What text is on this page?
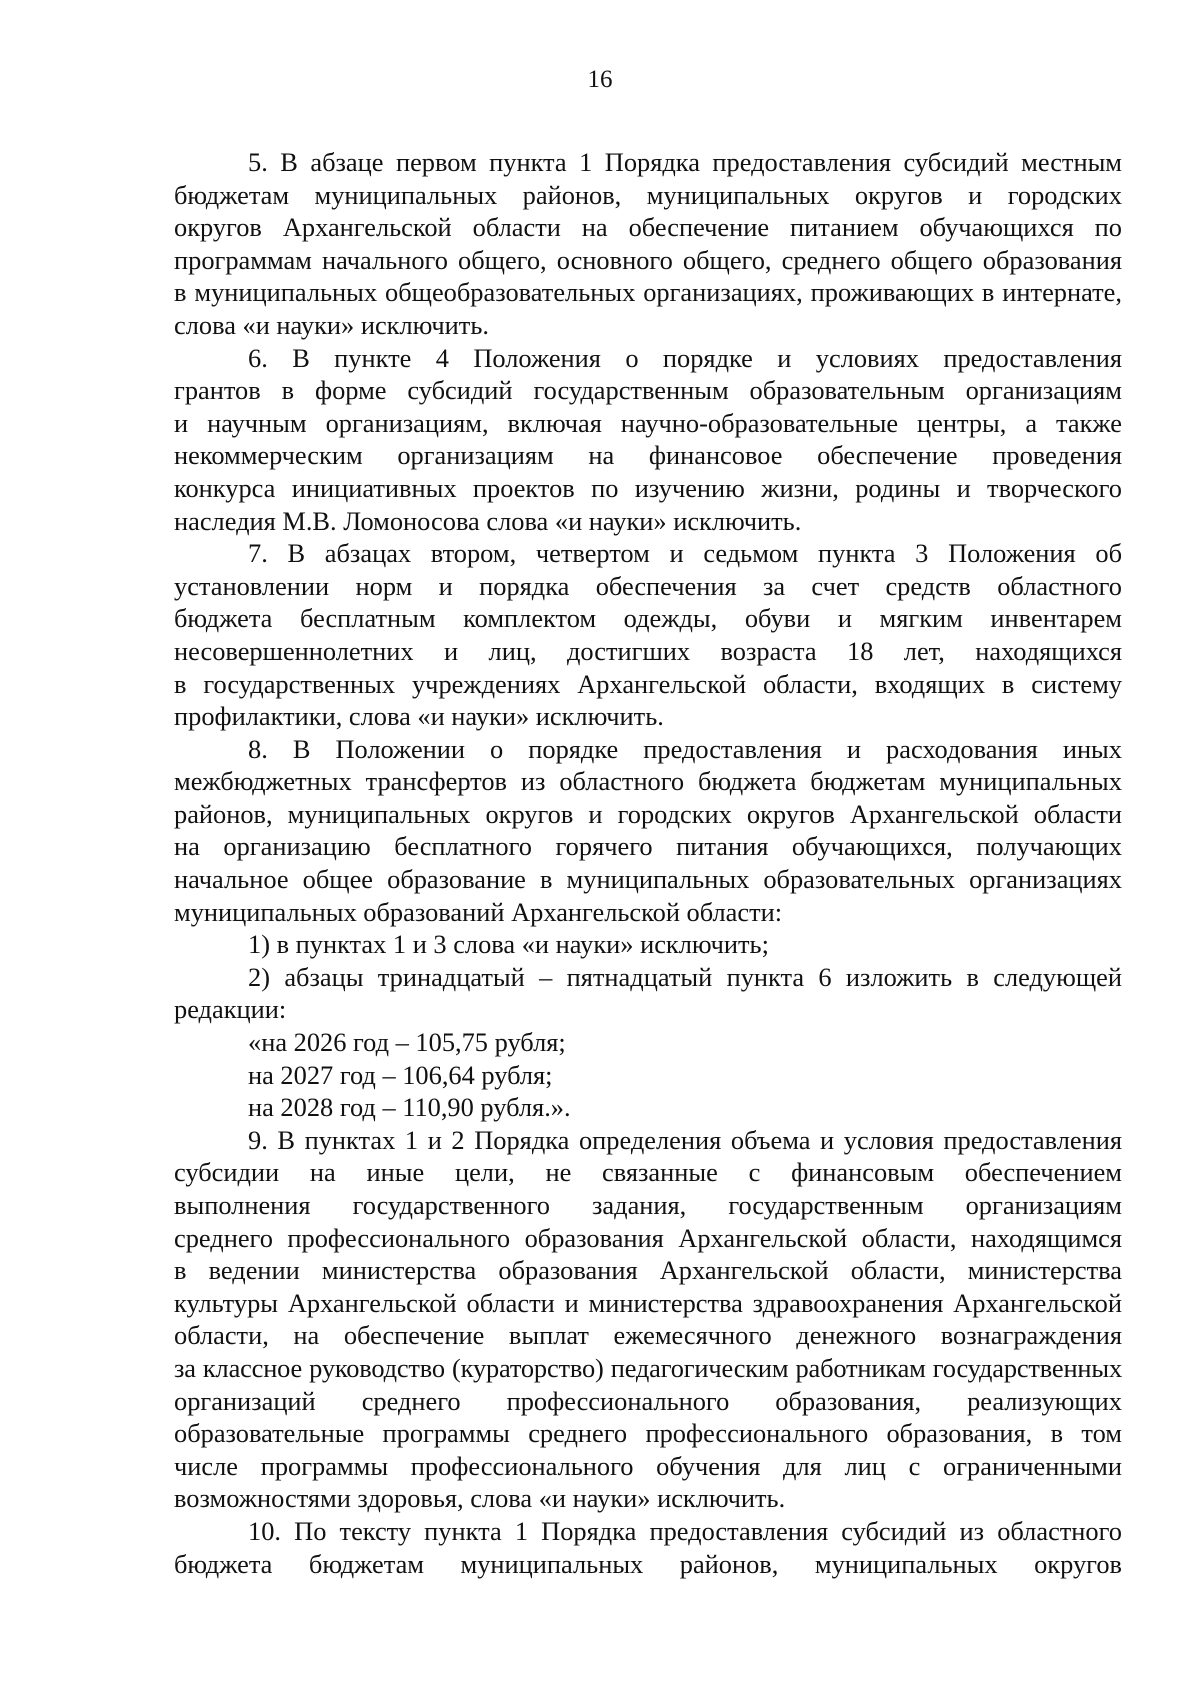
16
5. В абзаце первом пункта 1 Порядка предоставления субсидий местным
бюджетам муниципальных районов, муниципальных округов и городских
округов Архангельской области на обеспечение питанием обучающихся по
программам начального общего, основного общего, среднего общего образования
в муниципальных общеобразовательных организациях, проживающих в интернате,
слова «и науки» исключить.
6. В пункте 4 Положения о порядке и условиях предоставления
грантов в форме субсидий государственным образовательным организациям
и научным организациям, включая научно-образовательные центры, а также
некоммерческим организациям на финансовое обеспечение проведения
конкурса инициативных проектов по изучению жизни, родины и творческого
наследия М.В. Ломоносова слова «и науки» исключить.
7. В абзацах втором, четвертом и седьмом пункта 3 Положения об
установлении норм и порядка обеспечения за счет средств областного
бюджета бесплатным комплектом одежды, обуви и мягким инвентарем
несовершеннолетних и лиц, достигших возраста 18 лет, находящихся
в государственных учреждениях Архангельской области, входящих в систему
профилактики, слова «и науки» исключить.
8. В Положении о порядке предоставления и расходования иных
межбюджетных трансфертов из областного бюджета бюджетам муниципальных
районов, муниципальных округов и городских округов Архангельской области
на организацию бесплатного горячего питания обучающихся, получающих
начальное общее образование в муниципальных образовательных организациях
муниципальных образований Архангельской области:
1) в пунктах 1 и 3 слова «и науки» исключить;
2) абзацы тринадцатый – пятнадцатый пункта 6 изложить в следующей
редакции:
«на 2026 год – 105,75 рубля;
на 2027 год – 106,64 рубля;
на 2028 год – 110,90 рубля.».
9. В пунктах 1 и 2 Порядка определения объема и условия предоставления
субсидии на иные цели, не связанные с финансовым обеспечением
выполнения государственного задания, государственным организациям
среднего профессионального образования Архангельской области, находящимся
в ведении министерства образования Архангельской области, министерства
культуры Архангельской области и министерства здравоохранения Архангельской
области, на обеспечение выплат ежемесячного денежного вознаграждения
за классное руководство (кураторство) педагогическим работникам государственных
организаций среднего профессионального образования, реализующих
образовательные программы среднего профессионального образования, в том
числе программы профессионального обучения для лиц с ограниченными
возможностями здоровья, слова «и науки» исключить.
10. По тексту пункта 1 Порядка предоставления субсидий из областного
бюджета бюджетам муниципальных районов, муниципальных округов
